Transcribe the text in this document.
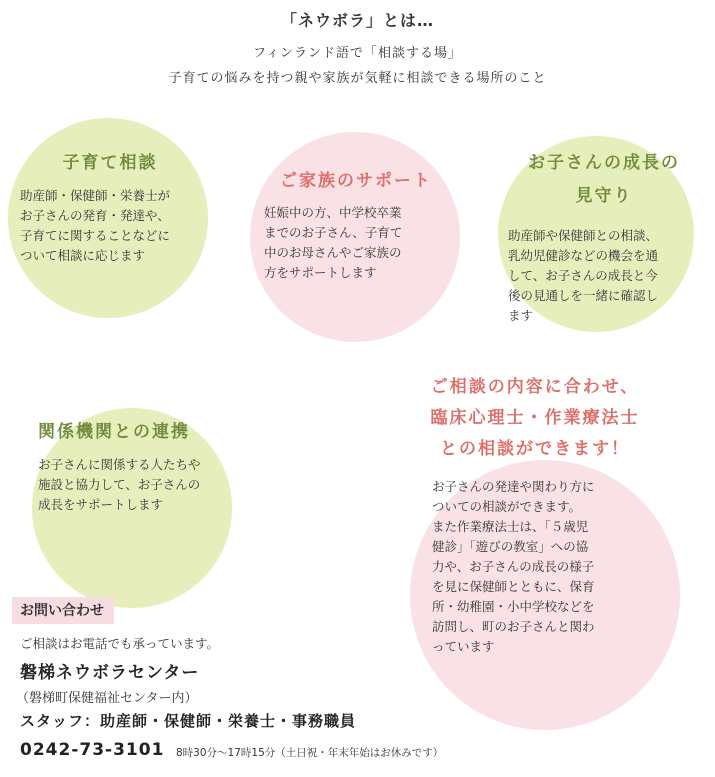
「ネウボラ」とは…
フィンランド語で「相談する場」
子育ての悩みを持つ親や家族が気軽に相談できる場所のこと
子育て相談
助産師・保健師・栄養士が
お子さんの発育・発達や、
子育てに関することなどに
ついて相談に応じます
ご家族のサポート
妊娠中の方、中学校卒業
までのお子さん、子育て
中のお母さんやご家族の
方をサポートします
お子さんの成長の
見守り
助産師や保健師との相談、
乳幼児健診などの機会を通
して、お子さんの成長と今
後の見通しを一緒に確認し
ます
関係機関との連携
お子さんに関係する人たちや
施設と協力して、お子さんの
成長をサポートします
ご相談の内容に合わせ、
臨床心理士・作業療法士
との相談ができます！
お子さんの発達や関わり方に
ついての相談ができます。
また作業療法士は、「５歳児
健診」「遊びの教室」への協
力や、お子さんの成長の様子
を見に保健師とともに、保育
所・幼稚園・小中学校などを
訪問し、町のお子さんと関わ
っています
お問い合わせ
ご相談はお電話でも承っています。
磐梯ネウボラセンター
（磐梯町保健福祉センター内）
スタッフ：助産師・保健師・栄養士・事務職員
0242-73-3101 8時30分～17時15分（土日祝・年末年始はお休みです）
